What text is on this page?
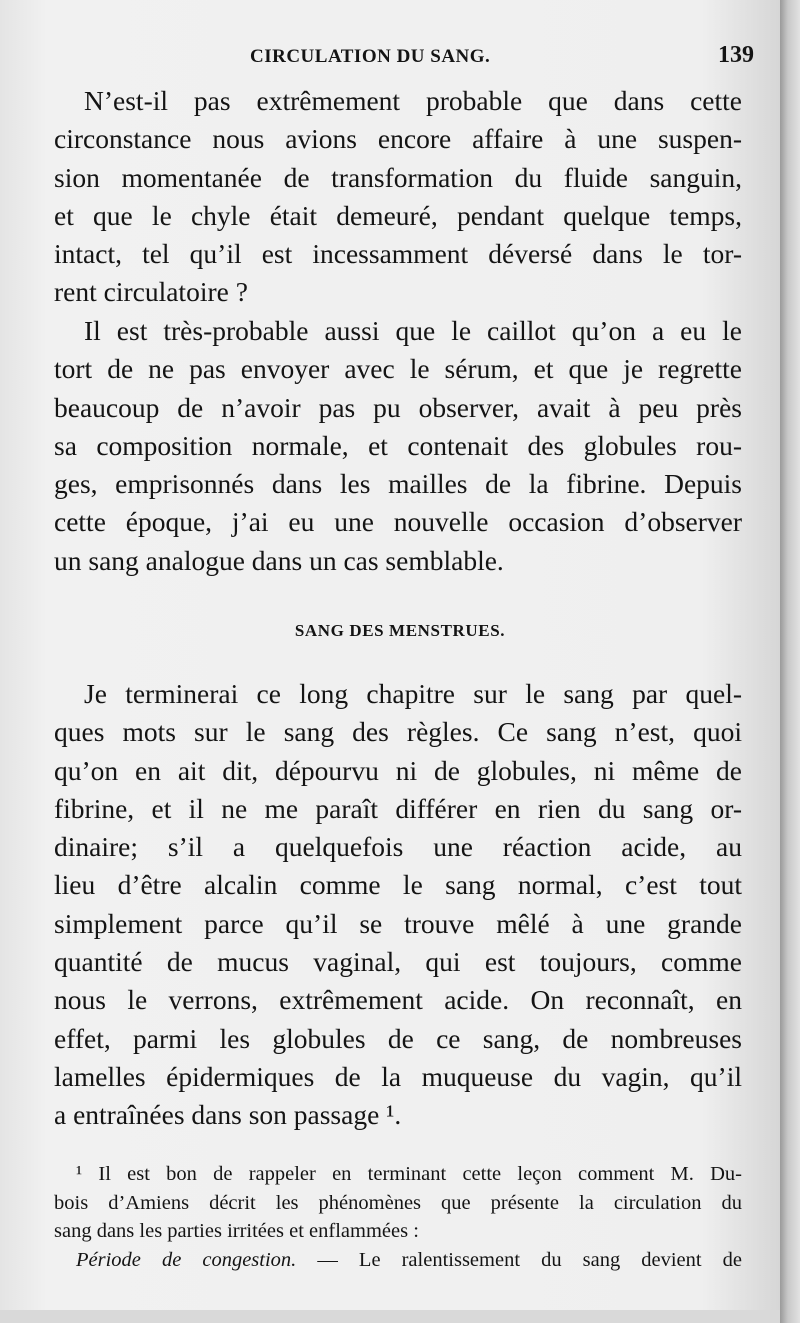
CIRCULATION DU SANG.	139
N’est-il pas extrêmement probable que dans cette
circonstance nous avions encore affaire à une suspen-
sion momentanée de transformation du fluide sanguin,
et que le chyle était demeuré, pendant quelque temps,
intact, tel qu’il est incessamment déversé dans le tor-
rent circulatoire ?
Il est très-probable aussi que le caillot qu’on a eu le
tort de ne pas envoyer avec le sérum, et que je regrette
beaucoup de n’avoir pas pu observer, avait à peu près
sa composition normale, et contenait des globules rou-
ges, emprisonnés dans les mailles de la fibrine. Depuis
cette époque, j’ai eu une nouvelle occasion d’observer
un sang analogue dans un cas semblable.
SANG DES MENSTRUES.
Je terminerai ce long chapitre sur le sang par quel-
ques mots sur le sang des règles. Ce sang n’est, quoi
qu’on en ait dit, dépourvu ni de globules, ni même de
fibrine, et il ne me paraît différer en rien du sang or-
dinaire; s’il a quelquefois une réaction acide, au
lieu d’être alcalin comme le sang normal, c’est tout
simplement parce qu’il se trouve mêlé à une grande
quantité de mucus vaginal, qui est toujours, comme
nous le verrons, extrêmement acide. On reconnaît, en
effet, parmi les globules de ce sang, de nombreuses
lamelles épidermiques de la muqueuse du vagin, qu’il
a entraînées dans son passage ¹.
¹ Il est bon de rappeler en terminant cette leçon comment M. Du-
bois d’Amiens décrit les phénomènes que présente la circulation du
sang dans les parties irritées et enflammées :
Période de congestion. — Le ralentissement du sang devient de
